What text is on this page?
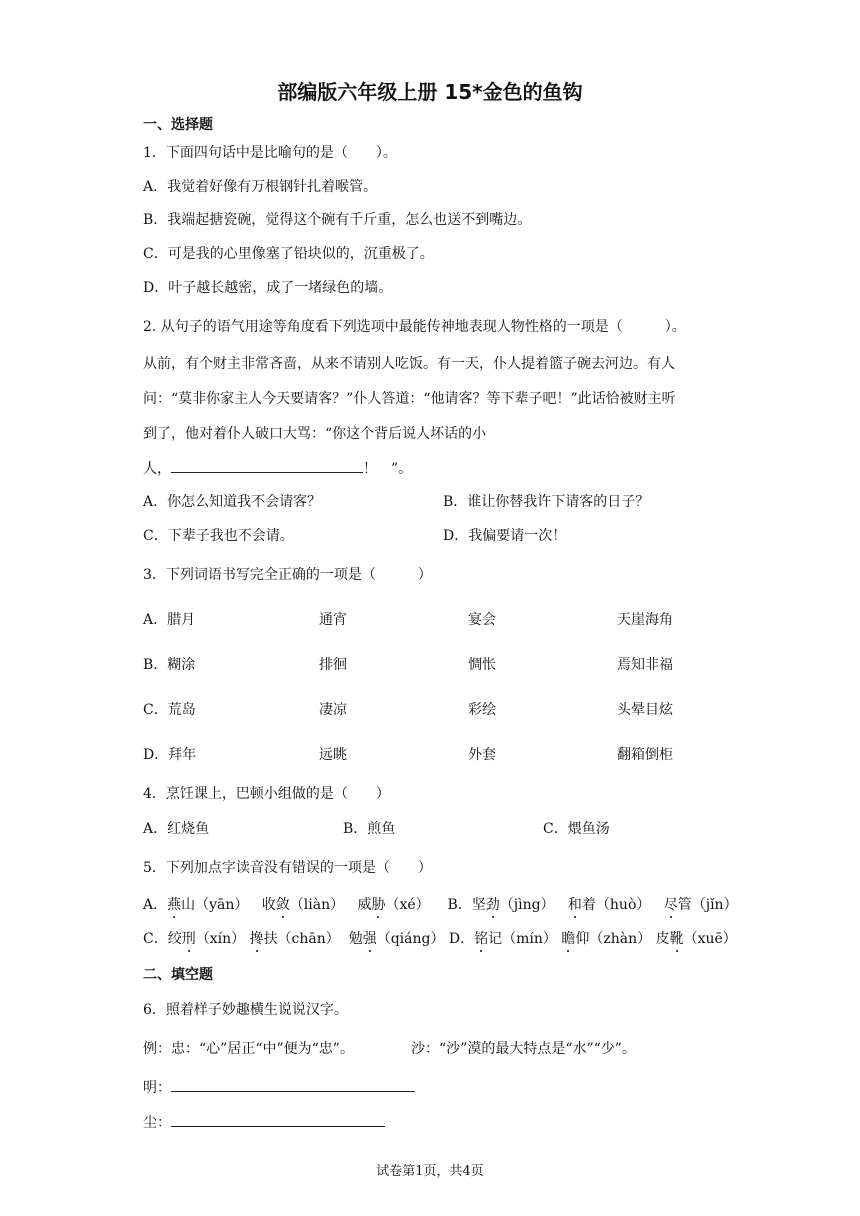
部编版六年级上册 15*金色的鱼钩
一、选择题
1．下面四句话中是比喻句的是（　　）。
A．我觉着好像有万根钢针扎着喉管。
B．我端起搪瓷碗，觉得这个碗有千斤重，怎么也送不到嘴边。
C．可是我的心里像塞了铅块似的，沉重极了。
D．叶子越长越密，成了一堵绿色的墙。
2. 从句子的语气用途等角度看下列选项中最能传神地表现人物性格的一项是（　　　）。
从前，有个财主非常吝啬，从来不请别人吃饭。有一天，仆人提着篮子碗去河边。有人
问：“莫非你家主人今天要请客？”仆人答道：“他请客？等下辈子吧！”此话恰被财主听
到了，他对着仆人破口大骂：“你这个背后说人坏话的小
人，	！　”。
A．你怎么知道我不会请客？	B．谁让你替我许下请客的日子？
C．下辈子我也不会请。	D．我偏要请一次！
3．下列词语书写完全正确的一项是（　　　）
A．腊月	通宵	宴会	天崖海角
B．糊涂	排徊	惆怅	焉知非福
C．荒岛	凄凉	彩绘	头晕目炫
D．拜年	远眺	外套	翻箱倒柜
4．烹饪课上，巴顿小组做的是（　　）
A．红烧鱼	B．煎鱼	C．煨鱼汤
5．下列加点字读音没有错误的一项是（　　）
A．燕山（yān） 收敛（liàn） 威胁（xé） B．坚劲（jìng） 和着（huò） 尽管（jǐn）
C．绞刑（xín） 搀扶（chān） 勉强（qiáng） D．铭记（mín） 瞻仰（zhàn） 皮靴（xuē）
二、填空题
6．照着样子妙趣横生说说汉字。
例：忠：“心”居正“中”便为“忠”。	沙：“沙”漠的最大特点是“水”“少”。
明：
尘：
试卷第1页，共4页
